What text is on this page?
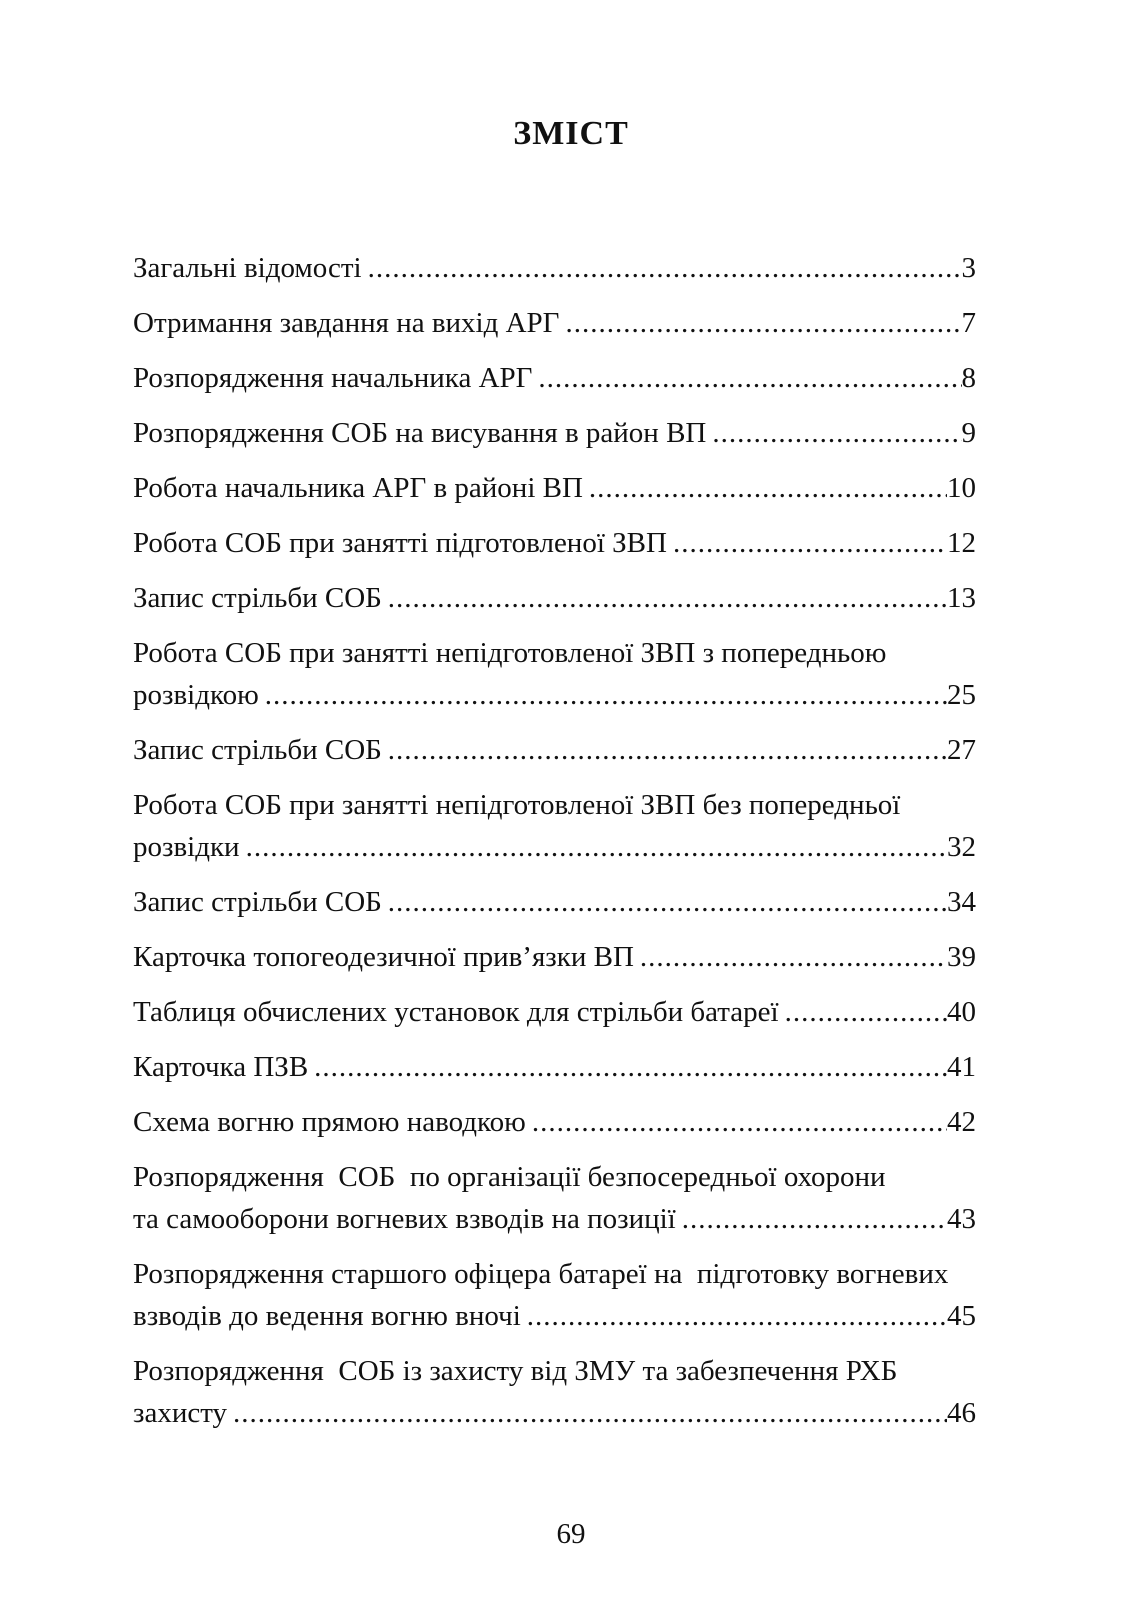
ЗМІСТ
Загальні відомості .....	3
Отримання завдання на вихід АРГ .....	7
Розпорядження начальника АРГ .....	8
Розпорядження СОБ на висування в район ВП .....	9
Робота начальника АРГ в районі ВП .....	10
Робота СОБ при занятті підготовленої ЗВП .....	12
Запис стрільби СОБ .....	13
Робота СОБ при занятті непідготовленої ЗВП з попередньою
розвідкою .....	25
Запис стрільби СОБ .....	27
Робота СОБ при занятті непідготовленої ЗВП без попередньої
розвідки .....	32
Запис стрільби СОБ .....	34
Карточка топогеодезичної прив’язки ВП .....	39
Таблиця обчислених установок для стрільби батареї .....	40
Карточка ПЗВ .....	41
Схема вогню прямою наводкою .....	42
Розпорядження  СОБ  по організації безпосередньої охорони
та самооборони вогневих взводів на позиції .....	43
Розпорядження старшого офіцера батареї на  підготовку вогневих
взводів до ведення вогню вночі .....	45
Розпорядження  СОБ із захисту від ЗМУ та забезпечення РХБ
захисту .....	46
69
